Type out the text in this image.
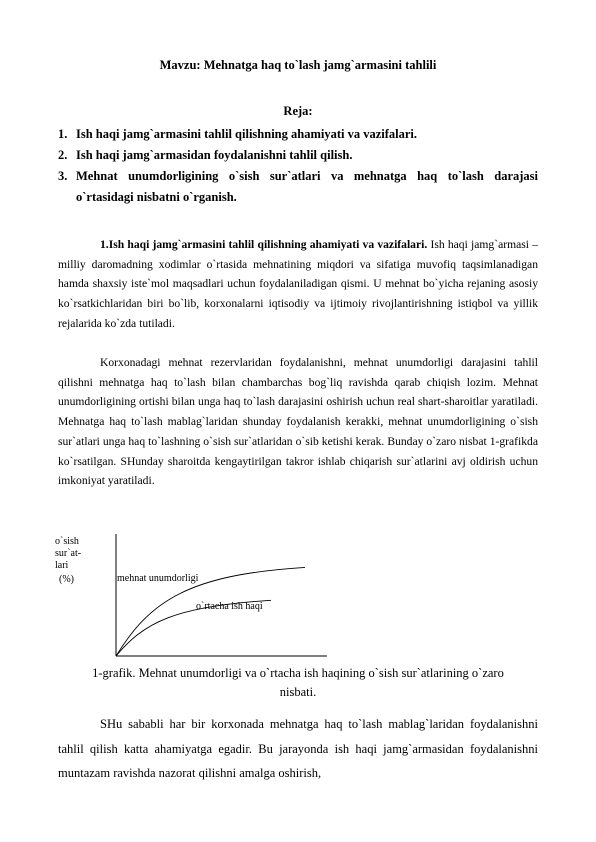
Mavzu: Mehnatga haq to`lash jamg`armasini tahlili
Reja:
1. Ish haqi jamg`armasini tahlil qilishning ahamiyati va vazifalari.
2. Ish haqi jamg`armasidan foydalanishni tahlil qilish.
3. Mehnat unumdorligining o`sish sur`atlari va mehnatga haq to`lash darajasi o`rtasidagi nisbatni o`rganish.

1.Ish haqi jamg`armasini tahlil qilishning ahamiyati va vazifalari. Ish haqi jamg`armasi – milliy daromadning xodimlar o`rtasida mehnatining miqdori va sifatiga muvofiq taqsimlanadigan hamda shaxsiy iste`mol maqsadlari uchun foydalaniladigan qismi. U mehnat bo`yicha rejaning asosiy ko`rsatkichlaridan biri bo`lib, korxonalarni iqtisodiy va ijtimoiy rivojlantirishning istiqbol va yillik rejalarida ko`zda tutiladi.

Korxonadagi mehnat rezervlaridan foydalanishni, mehnat unumdorligi darajasini tahlil qilishni mehnatga haq to`lash bilan chambarchas bog`liq ravishda qarab chiqish lozim. Mehnat unumdorligining ortishi bilan unga haq to`lash darajasini oshirish uchun real shart-sharoitlar yaratiladi. Mehnatga haq to`lash mablag`laridan shunday foydalanish kerakki, mehnat unumdorligining o`sish sur`atlari unga haq to`lashning o`sish sur`atlaridan o`sib ketishi kerak. Bunday o`zaro nisbat 1-grafikda ko`rsatilgan. SHunday sharoitda kengaytirilgan takror ishlab chiqarish sur`atlarini avj oldirish uchun imkoniyat yaratiladi.

o`sish
sur`at-
lari
(%)	mehnat unumdorligi
o`rtacha ish haqi
1-grafik. Mehnat unumdorligi va o`rtacha ish haqining o`sish sur`atlarining o`zaro
nisbati.

SHu sababli har bir korxonada mehnatga haq to`lash mablag`laridan foydalanishni tahlil qilish katta ahamiyatga egadir. Bu jarayonda ish haqi jamg`armasidan foydalanishni muntazam ravishda nazorat qilishni amalga oshirish,
